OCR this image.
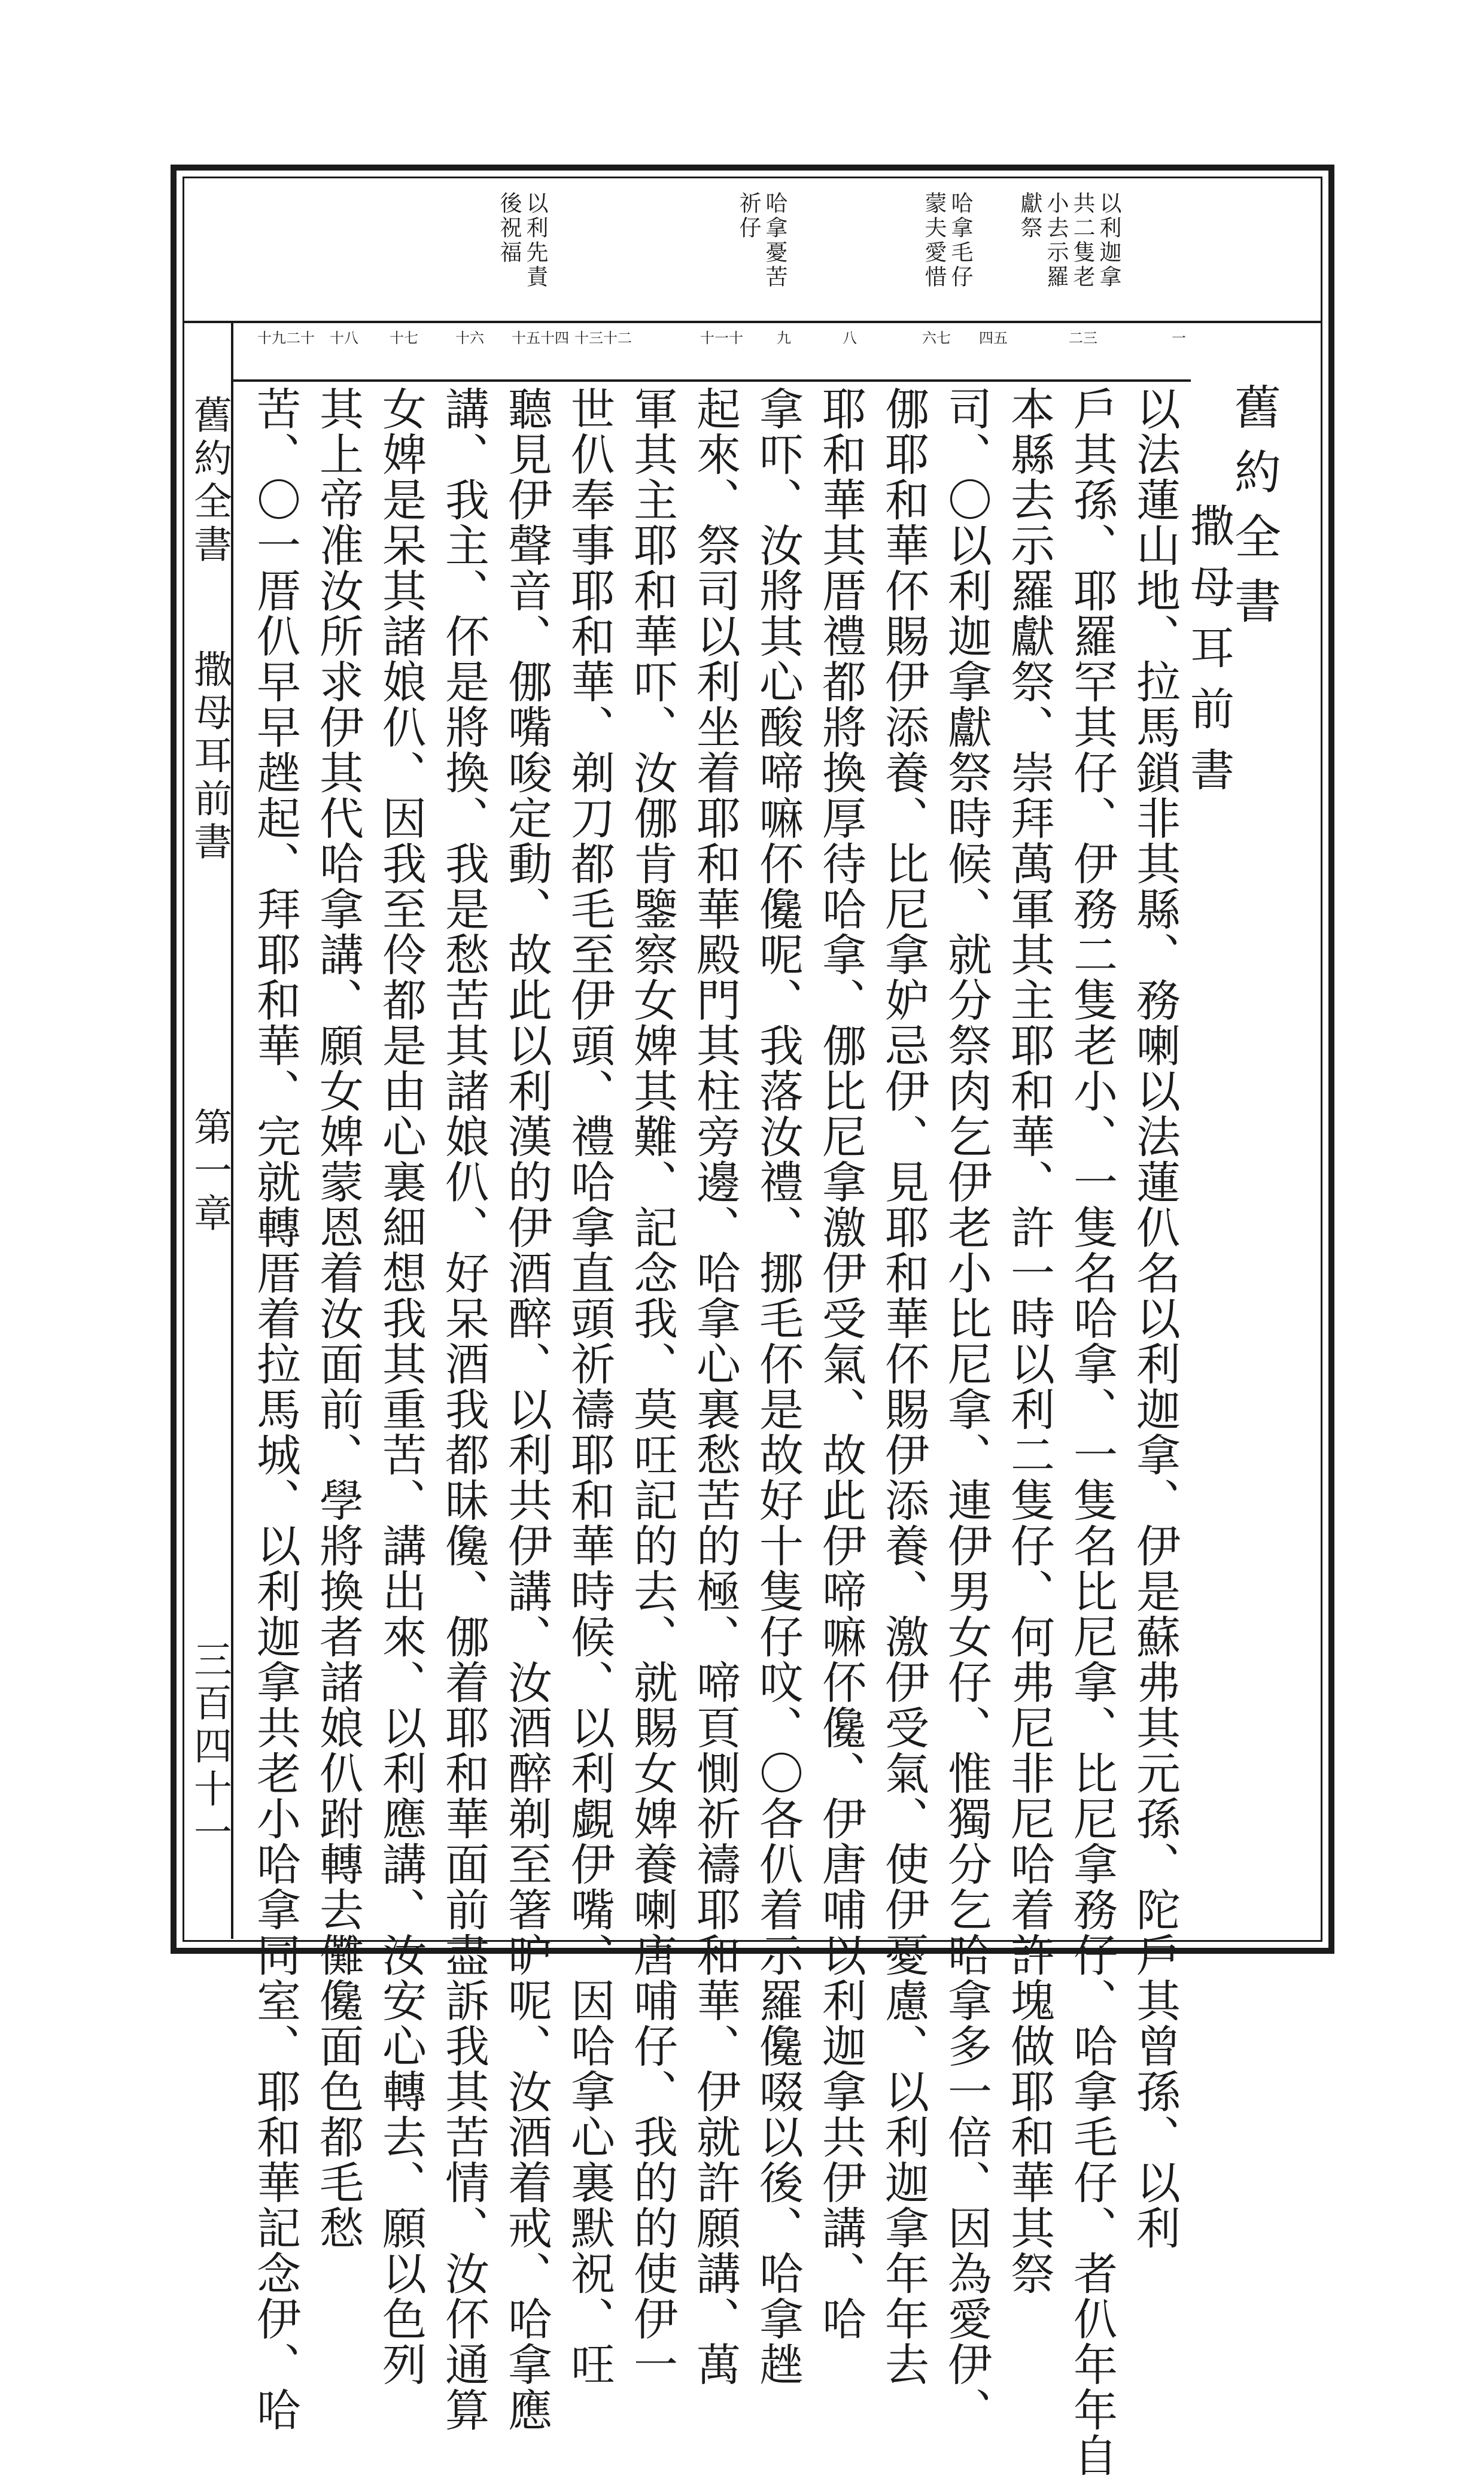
以利迦拿
共二隻老
小去示羅
獻祭
哈拿毛仔
蒙夫愛惜
哈拿憂苦
祈仔
以利先責
後祝福
一
二三
四五
六七
八
九
十一十
十三十二
十五十四
十六
十七
十八
十九二十
舊約全書
撒母耳前書
第一章
三百四十一
舊約全書
撒母耳前書
以法蓮山地、拉馬鎖非其縣、務喇以法蓮仈名以利迦拿、伊是蘇弗其元孫、陀戶其曾孫、以利
戶其孫、耶羅罕其仔、伊務二隻老小、一隻名哈拿、一隻名比尼拿、比尼拿務仔、哈拿毛仔、者仈年年自
本縣去示羅獻祭、崇拜萬軍其主耶和華、許一時以利二隻仔、何弗尼非尼哈着許塊做耶和華其祭
司、〇以利迦拿獻祭時候、就分祭肉乞伊老小比尼拿、連伊男女仔、惟獨分乞哈拿多一倍、因為愛伊、
㑚耶和華伓賜伊添養、比尼拿妒忌伊、見耶和華伓賜伊添養、激伊受氣、使伊憂慮、以利迦拿年年去
耶和華其厝禮都將換厚待哈拿、㑚比尼拿激伊受氣、故此伊啼嘛伓儳、伊唐哺以利迦拿共伊講、哈
拿吓、汝將其心酸啼嘛伓儳呢、我落汝禮、挪毛伓是故好十隻仔呅、〇各仈着示羅儳啜以後、哈拿趖
起來、祭司以利坐着耶和華殿門其柱旁邊、哈拿心裏愁苦的極、啼頁惻祈禱耶和華、伊就許願講、萬
軍其主耶和華吓、汝㑚肯鑒察女婢其難、記念我、莫㕵記的去、就賜女婢養喇唐哺仔、我的的使伊一
世仈奉事耶和華、剃刀都毛至伊頭、禮哈拿直頭祈禱耶和華時候、以利覷伊嘴、因哈拿心裏默祝、㕵
聽見伊聲音、㑚嘴唆定動、故此以利漢的伊酒醉、以利共伊講、汝酒醉剃至箸昈呢、汝酒着戒、哈拿應
講、我主、伓是將換、我是愁苦其諸娘仈、好呆酒我都昧儳、㑚着耶和華面前盡訴我其苦情、汝伓通算
女婢是呆其諸娘仈、因我至伶都是由心裏細想我其重苦、講出來、以利應講、汝安心轉去、願以色列
其上帝准汝所求伊其代哈拿講、願女婢蒙恩着汝面前、學將換者諸娘仈跗轉去儺儳面色都毛愁
苦、〇一厝仈早早趖起、拜耶和華、完就轉厝着拉馬城、以利迦拿共老小哈拿同室、耶和華記念伊、哈
